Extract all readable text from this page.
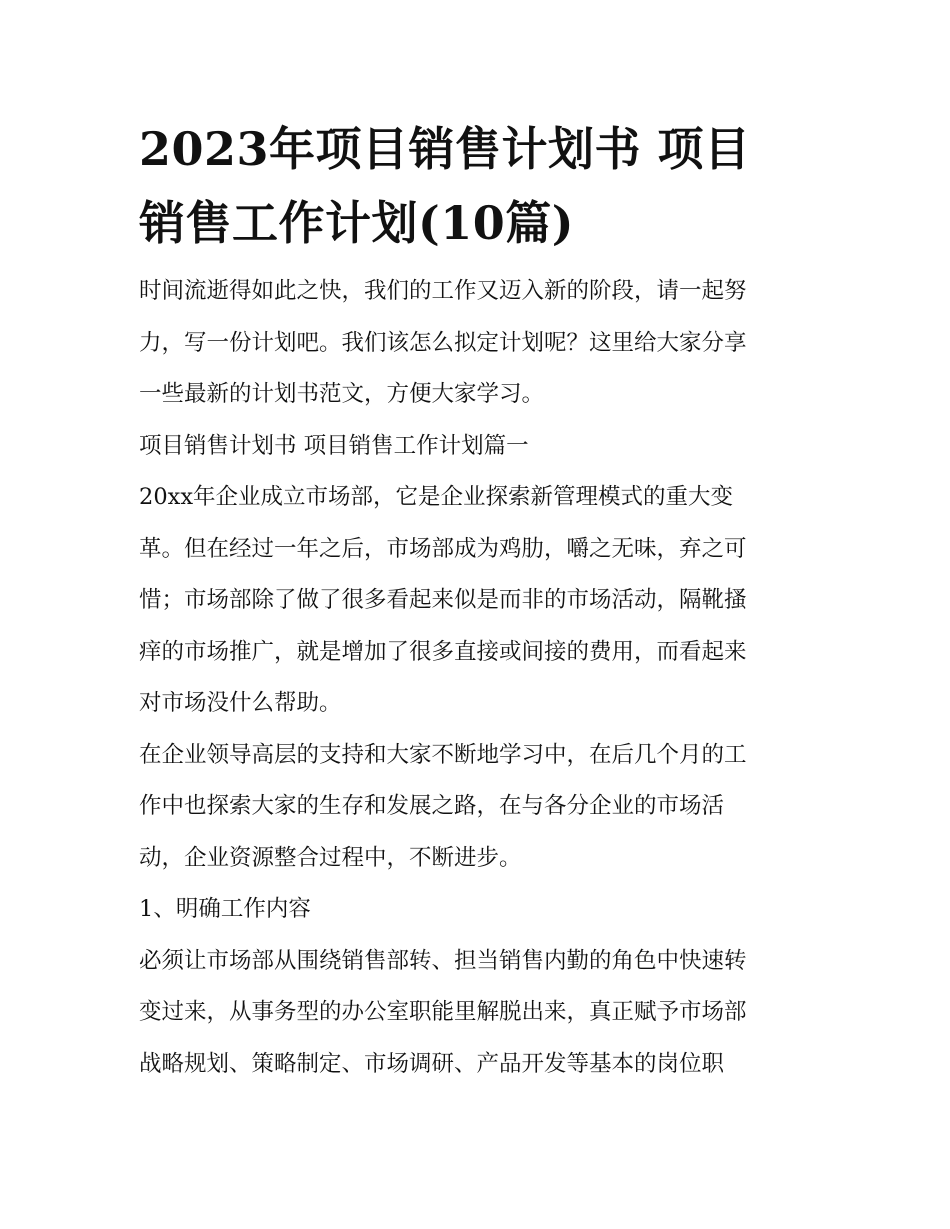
2023年项目销售计划书 项目
销售工作计划(10篇)

时间流逝得如此之快，我们的工作又迈入新的阶段，请一起努
力，写一份计划吧。我们该怎么拟定计划呢？这里给大家分享
一些最新的计划书范文，方便大家学习。

项目销售计划书 项目销售工作计划篇一

20xx年企业成立市场部，它是企业探索新管理模式的重大变
革。但在经过一年之后，市场部成为鸡肋，嚼之无味，弃之可
惜；市场部除了做了很多看起来似是而非的市场活动，隔靴搔
痒的市场推广，就是增加了很多直接或间接的费用，而看起来
对市场没什么帮助。

在企业领导高层的支持和大家不断地学习中，在后几个月的工
作中也探索大家的生存和发展之路，在与各分企业的市场活
动，企业资源整合过程中，不断进步。

1、明确工作内容

必须让市场部从围绕销售部转、担当销售内勤的角色中快速转
变过来，从事务型的办公室职能里解脱出来，真正赋予市场部
战略规划、策略制定、市场调研、产品开发等基本的岗位职
